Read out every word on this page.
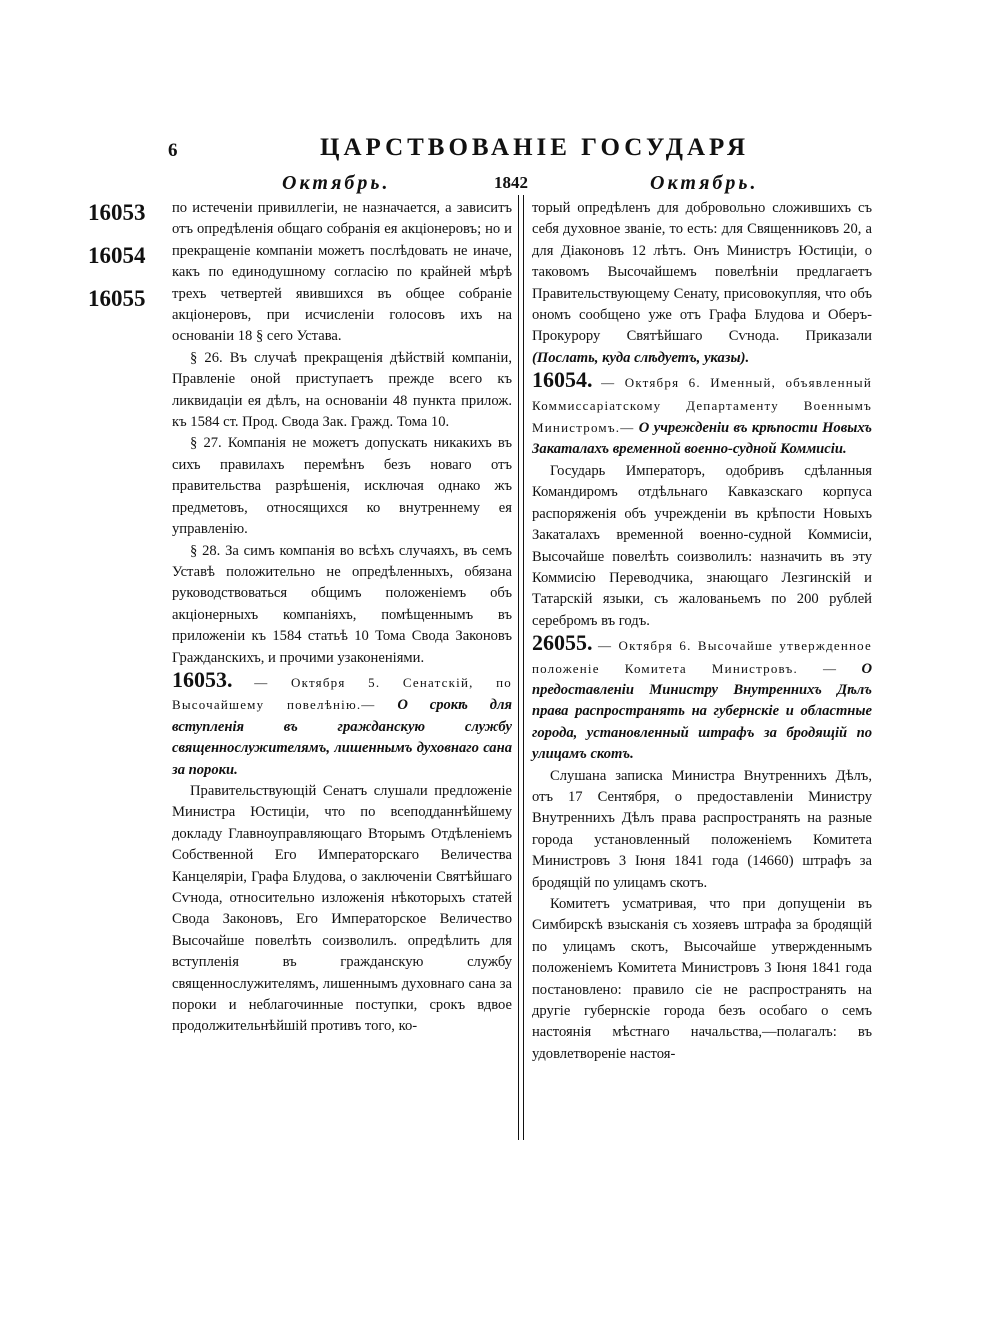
6	ЦАРСТВОВАНІЕ ГОСУДАРЯ
Октябрь.	1842	Октябрь.
16053
16054
16055

по истеченіи привиллегіи, не назначается, а зависитъ отъ опредѣленія общаго собранія ея акціонеровъ; но и прекращеніе компаніи можетъ послѣдовать не иначе, какъ по единодушному согласію по крайней мѣрѣ трехъ четвертей явившихся въ общее собраніе акціонеровъ, при исчисленіи голосовъ ихъ на основаніи 18 § сего Устава.

§ 26. Въ случаѣ прекращенія дѣйствій компаніи, Правленіе оной приступаетъ прежде всего къ ликвидаціи ея дѣлъ, на основаніи 48 пункта прилож. къ 1584 ст. Прод. Свода Зак. Гражд. Тома 10.

§ 27. Компанія не можетъ допускать никакихъ въ сихъ правилахъ перемѣнъ безъ новаго отъ правительства разрѣшенія, исключая однако жъ предметовъ, относящихся ко внутреннему ея управленію.

§ 28. За симъ компанія во всѣхъ случаяхъ, въ семъ Уставѣ положительно не опредѣленныхъ, обязана руководствоваться общимъ положеніемъ объ акціонерныхъ компаніяхъ, помѣщеннымъ въ приложеніи къ 1584 статьѣ 10 Тома Свода Законовъ Гражданскихъ, и прочими узаконеніями.

16053. — Октября 5. Сенатскій, по Высочайшему повелѣнію.— О срокѣ для вступленія въ гражданскую службу священнослужителямъ, лишеннымъ духовнаго сана за пороки.

Правительствующій Сенатъ слушали предложеніе Министра Юстиціи, что по всеподданнѣйшему докладу Главноуправляющаго Вторымъ Отдѣленіемъ Собственной Его Императорскаго Величества Канцеляріи, Графа Блудова, о заключеніи Святѣйшаго Сѵнода, относительно изложенія нѣкоторыхъ статей Свода Законовъ, Его Императорское Величество Высочайше повелѣть соизволилъ. опредѣлить для вступленія въ гражданскую службу священнослужителямъ, лишеннымъ духовнаго сана за пороки и неблагочинные поступки, срокъ вдвое продолжительнѣйшій противъ того, ко-

торый опредѣленъ для добровольно сложившихъ съ себя духовное званіе, то есть: для Священниковъ 20, а для Діаконовъ 12 лѣтъ. Онъ Министръ Юстиціи, о таковомъ Высочайшемъ повелѣніи предлагаетъ Правительствующему Сенату, присовокупляя, что объ ономъ сообщено уже отъ Графа Блудова и Оберъ-Прокурору Святѣйшаго Сѵнода. Приказали (Послать, куда слѣдуетъ, указы).

16054. — Октября 6. Именный, объявленный Коммиссаріатскому Департаменту Военнымъ Министромъ.— О учрежденіи въ крѣпости Новыхъ Закаталахъ временной военно-судной Коммисіи.

Государь Императоръ, одобривъ сдѣланныя Командиромъ отдѣльнаго Кавказскаго корпуса распоряженія объ учрежденіи въ крѣпости Новыхъ Закаталахъ временной военно-судной Коммисіи, Высочайше повелѣть соизволилъ: назначить въ эту Коммисію Переводчика, знающаго Лезгинскій и Татарскій языки, съ жалованьемъ по 200 рублей серебромъ въ годъ.

26055. — Октября 6. Высочайше утвержденное положеніе Комитета Министровъ. — О предоставленіи Министру Внутреннихъ Дѣлъ права распространять на губернскіе и областные города, установленный штрафъ за бродящій по улицамъ скотъ.

Слушана записка Министра Внутреннихъ Дѣлъ, отъ 17 Сентября, о предоставленіи Министру Внутреннихъ Дѣлъ права распространять на разные города установленный положеніемъ Комитета Министровъ 3 Іюня 1841 года (14660) штрафъ за бродящій по улицамъ скотъ.

Комитетъ усматривая, что при допущеніи въ Симбирскѣ взысканія съ хозяевъ штрафа за бродящій по улицамъ скотъ, Высочайше утвержденнымъ положеніемъ Комитета Министровъ 3 Іюня 1841 года постановлено: правило сіе не распространять на другіе губернскіе города безъ особаго о семъ настоянія мѣстнаго начальства,—полагалъ: въ удовлетвореніе настоя-
